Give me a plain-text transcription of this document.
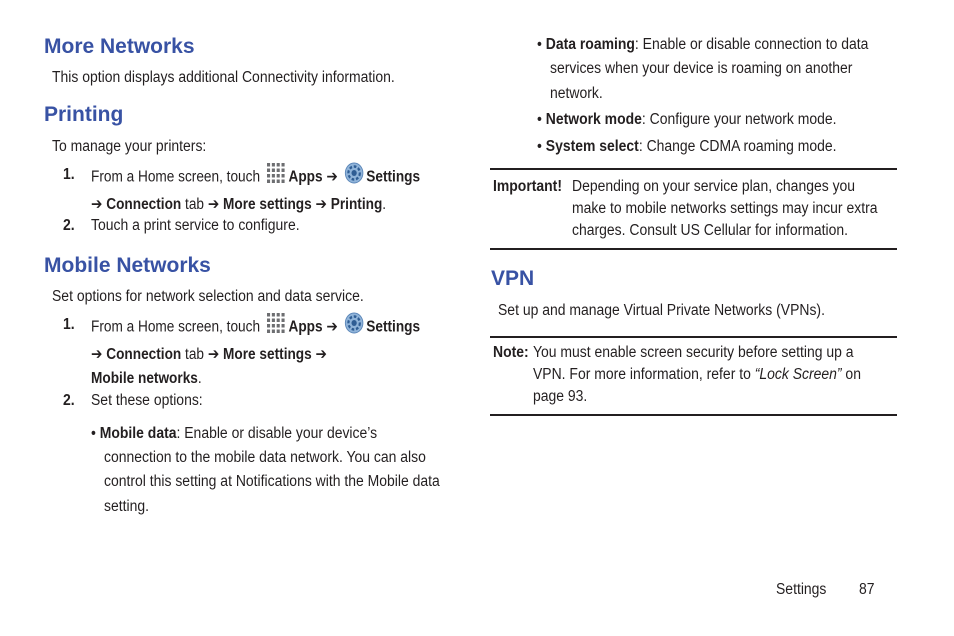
More Networks

This option displays additional Connectivity information.

Printing

To manage your printers:

1. From a Home screen, touch Apps ➔ Settings
➔ Connection tab ➔ More settings ➔ Printing.
2. Touch a print service to configure.

Mobile Networks

Set options for network selection and data service.

1. From a Home screen, touch Apps ➔ Settings
➔ Connection tab ➔ More settings ➔
Mobile networks.
2. Set these options:

• Mobile data: Enable or disable your device’s

connection to the mobile data network. You can also

control this setting at Notifications with the Mobile data

setting.

• Data roaming: Enable or disable connection to data

services when your device is roaming on another

network.

• Network mode: Configure your network mode.

• System select: Change CDMA roaming mode.

Important! Depending on your service plan, changes you

make to mobile networks settings may incur extra

charges. Consult US Cellular for information.

VPN

Set up and manage Virtual Private Networks (VPNs).

Note: You must enable screen security before setting up a

VPN. For more information, refer to “Lock Screen” on

page 93.

Settings 87
